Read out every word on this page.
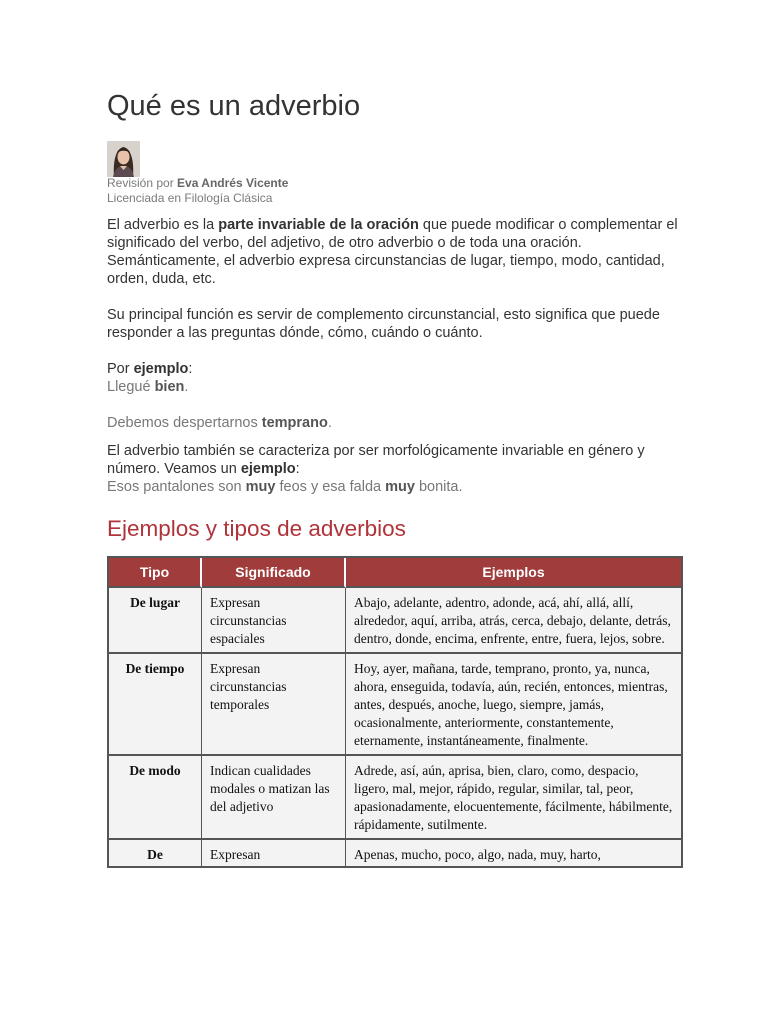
Qué es un adverbio
Revisión por Eva Andrés Vicente
Licenciada en Filología Clásica

El adverbio es la parte invariable de la oración que puede modificar o complementar el significado del verbo, del adjetivo, de otro adverbio o de toda una oración.

Semánticamente, el adverbio expresa circunstancias de lugar, tiempo, modo, cantidad, orden, duda, etc.

Su principal función es servir de complemento circunstancial, esto significa que puede responder a las preguntas dónde, cómo, cuándo o cuánto.

Por ejemplo:

Llegué bien.

Debemos despertarnos temprano.

El adverbio también se caracteriza por ser morfológicamente invariable en género y número. Veamos un ejemplo:

Esos pantalones son muy feos y esa falda muy bonita.

Ejemplos y tipos de adverbios
Tipo	Significado	Ejemplos
De lugar	Expresan circunstancias espaciales	Abajo, adelante, adentro, adonde, acá, ahí, allá, allí, alrededor, aquí, arriba, atrás, cerca, debajo, delante, detrás, dentro, donde, encima, enfrente, entre, fuera, lejos, sobre.
De tiempo	Expresan circunstancias temporales	Hoy, ayer, mañana, tarde, temprano, pronto, ya, nunca, ahora, enseguida, todavía, aún, recién, entonces, mientras, antes, después, anoche, luego, siempre, jamás, ocasionalmente, anteriormente, constantemente, eternamente, instantáneamente, finalmente.
De modo	Indican cualidades modales o matizan las del adjetivo	Adrede, así, aún, aprisa, bien, claro, como, despacio, ligero, mal, mejor, rápido, regular, similar, tal, peor, apasionadamente, elocuentemente, fácilmente, hábilmente, rápidamente, sutilmente.
De	Expresan	Apenas, mucho, poco, algo, nada, muy, harto,
